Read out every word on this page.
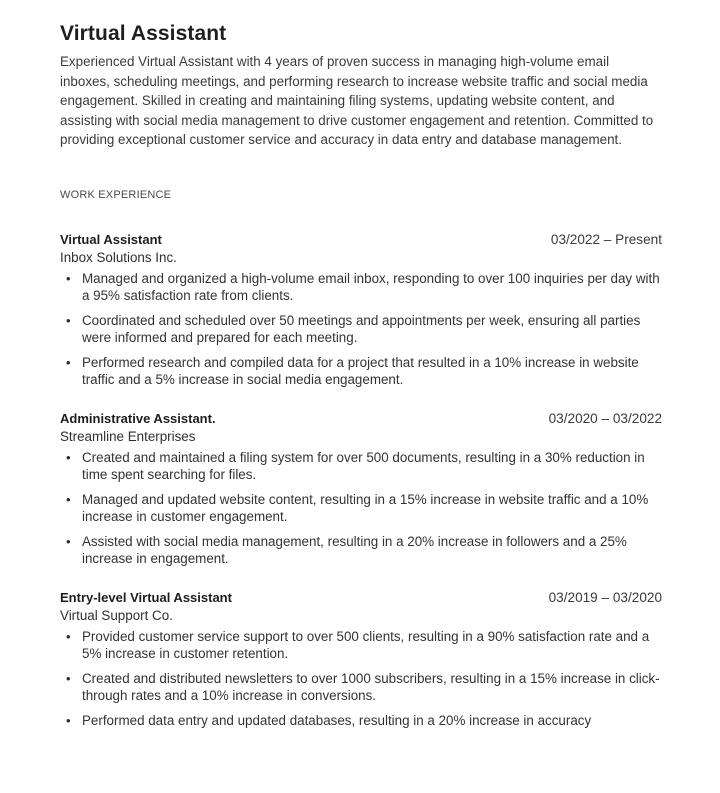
Virtual Assistant

Experienced Virtual Assistant with 4 years of proven success in managing high-volume email inboxes, scheduling meetings, and performing research to increase website traffic and social media engagement. Skilled in creating and maintaining filing systems, updating website content, and assisting with social media management to drive customer engagement and retention. Committed to providing exceptional customer service and accuracy in data entry and database management.

WORK EXPERIENCE
Virtual Assistant	03/2022 – Present
Inbox Solutions Inc.
• Managed and organized a high-volume email inbox, responding to over 100 inquiries per day with a 95% satisfaction rate from clients.
• Coordinated and scheduled over 50 meetings and appointments per week, ensuring all parties were informed and prepared for each meeting.
• Performed research and compiled data for a project that resulted in a 10% increase in website traffic and a 5% increase in social media engagement.
Administrative Assistant.	03/2020 – 03/2022
Streamline Enterprises
• Created and maintained a filing system for over 500 documents, resulting in a 30% reduction in time spent searching for files.
• Managed and updated website content, resulting in a 15% increase in website traffic and a 10% increase in customer engagement.
• Assisted with social media management, resulting in a 20% increase in followers and a 25% increase in engagement.
Entry-level Virtual Assistant	03/2019 – 03/2020
Virtual Support Co.
• Provided customer service support to over 500 clients, resulting in a 90% satisfaction rate and a 5% increase in customer retention.
• Created and distributed newsletters to over 1000 subscribers, resulting in a 15% increase in click-through rates and a 10% increase in conversions.
• Performed data entry and updated databases, resulting in a 20% increase in accuracy
